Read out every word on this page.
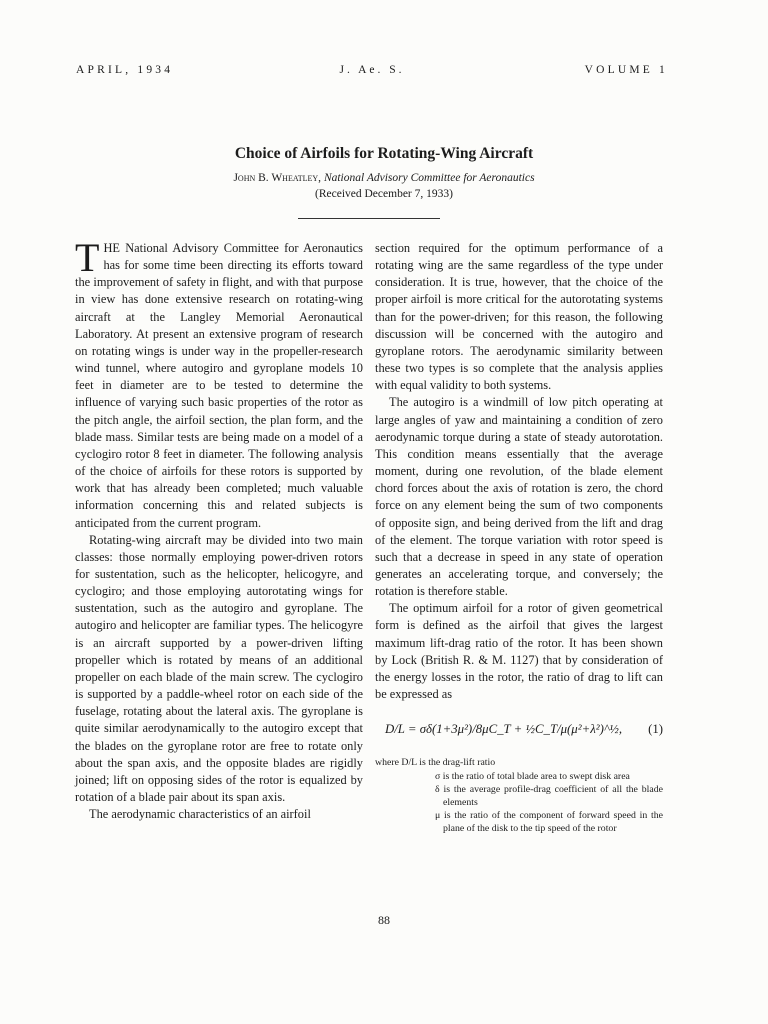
APRIL, 1934	J. Ae. S.	VOLUME 1
Choice of Airfoils for Rotating-Wing Aircraft
John B. Wheatley, National Advisory Committee for Aeronautics
(Received December 7, 1933)

THE National Advisory Committee for Aeronautics has for some time been directing its efforts toward the improvement of safety in flight, and with that purpose in view has done extensive research on rotating-wing aircraft at the Langley Memorial Aeronautical Laboratory. At present an extensive program of research on rotating wings is under way in the propeller-research wind tunnel, where autogiro and gyroplane models 10 feet in diameter are to be tested to determine the influence of varying such basic properties of the rotor as the pitch angle, the airfoil section, the plan form, and the blade mass. Similar tests are being made on a model of a cyclogiro rotor 8 feet in diameter. The following analysis of the choice of airfoils for these rotors is supported by work that has already been completed; much valuable information concerning this and related subjects is anticipated from the current program.

Rotating-wing aircraft may be divided into two main classes: those normally employing power-driven rotors for sustentation, such as the helicopter, helicogyre, and cyclogiro; and those employing autorotating wings for sustentation, such as the autogiro and gyroplane. The autogiro and helicopter are familiar types. The helicogyre is an aircraft supported by a power-driven lifting propeller which is rotated by means of an additional propeller on each blade of the main screw. The cyclogiro is supported by a paddle-wheel rotor on each side of the fuselage, rotating about the lateral axis. The gyroplane is quite similar aerodynamically to the autogiro except that the blades on the gyroplane rotor are free to rotate only about the span axis, and the opposite blades are rigidly joined; lift on opposing sides of the rotor is equalized by rotation of a blade pair about its span axis.

The aerodynamic characteristics of an airfoil

section required for the optimum performance of a rotating wing are the same regardless of the type under consideration. It is true, however, that the choice of the proper airfoil is more critical for the autorotating systems than for the power-driven; for this reason, the following discussion will be concerned with the autogiro and gyroplane rotors. The aerodynamic similarity between these two types is so complete that the analysis applies with equal validity to both systems.

The autogiro is a windmill of low pitch operating at large angles of yaw and maintaining a condition of zero aerodynamic torque during a state of steady autorotation. This condition means essentially that the average moment, during one revolution, of the blade element chord forces about the axis of rotation is zero, the chord force on any element being the sum of two components of opposite sign, and being derived from the lift and drag of the element. The torque variation with rotor speed is such that a decrease in speed in any state of operation generates an accelerating torque, and conversely; the rotation is therefore stable.

The optimum airfoil for a rotor of given geometrical form is defined as the airfoil that gives the largest maximum lift-drag ratio of the rotor. It has been shown by Lock (British R. & M. 1127) that by consideration of the energy losses in the rotor, the ratio of drag to lift can be expressed as

D/L = σδ(1+3μ²)/8μC_T + ½C_T/μ(μ²+λ²)^½, (1)
where D/L is the drag-lift ratio

σ is the ratio of total blade area to swept disk area

δ is the average profile-drag coefficient of all the blade elements

μ is the ratio of the component of forward speed in the plane of the disk to the tip speed of the rotor

88
